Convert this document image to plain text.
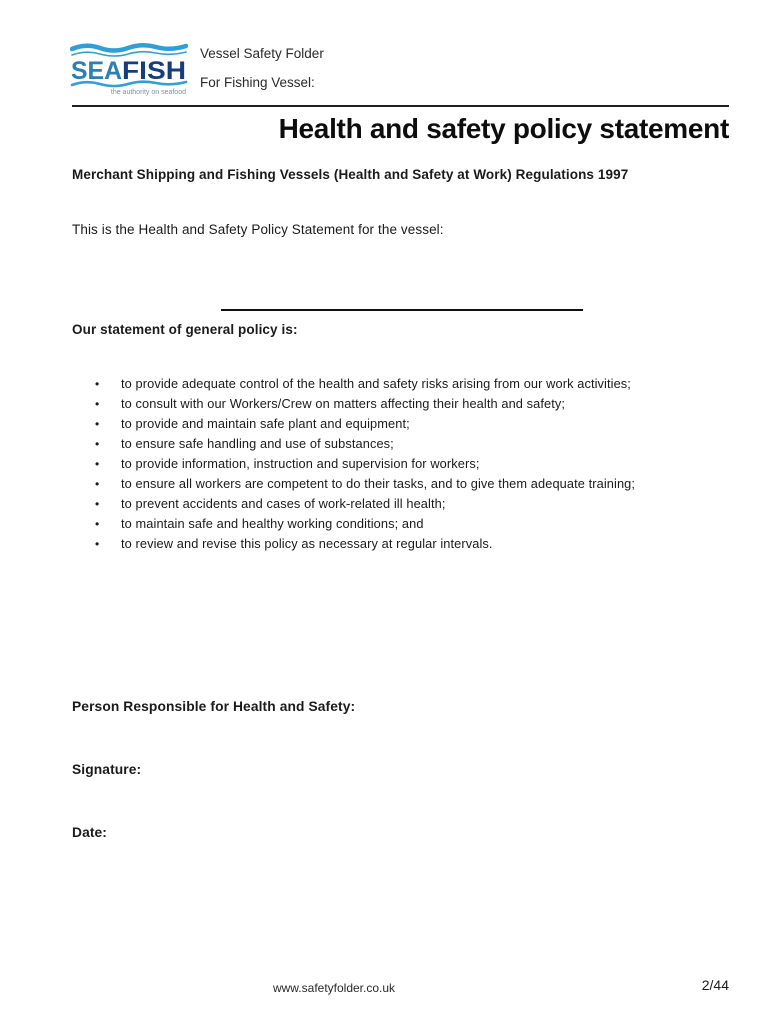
SEA FISH
the authority on seafood
Vessel Safety Folder
For Fishing Vessel:
Health and safety policy statement
Merchant Shipping and Fishing Vessels (Health and Safety at Work) Regulations 1997
This is the Health and Safety Policy Statement for the vessel:
Our statement of general policy is:
•	to provide adequate control of the health and safety risks arising from our work activities;
•	to consult with our Workers/Crew on matters affecting their health and safety;
•	to provide and maintain safe plant and equipment;
•	to ensure safe handling and use of substances;
•	to provide information, instruction and supervision for workers;
•	to ensure all workers are competent to do their tasks, and to give them adequate training;
•	to prevent accidents and cases of work-related ill health;
•	to maintain safe and healthy working conditions; and
•	to review and revise this policy as necessary at regular intervals.
Person Responsible for Health and Safety:
Signature:
Date:
www.safetyfolder.co.uk	2/44
